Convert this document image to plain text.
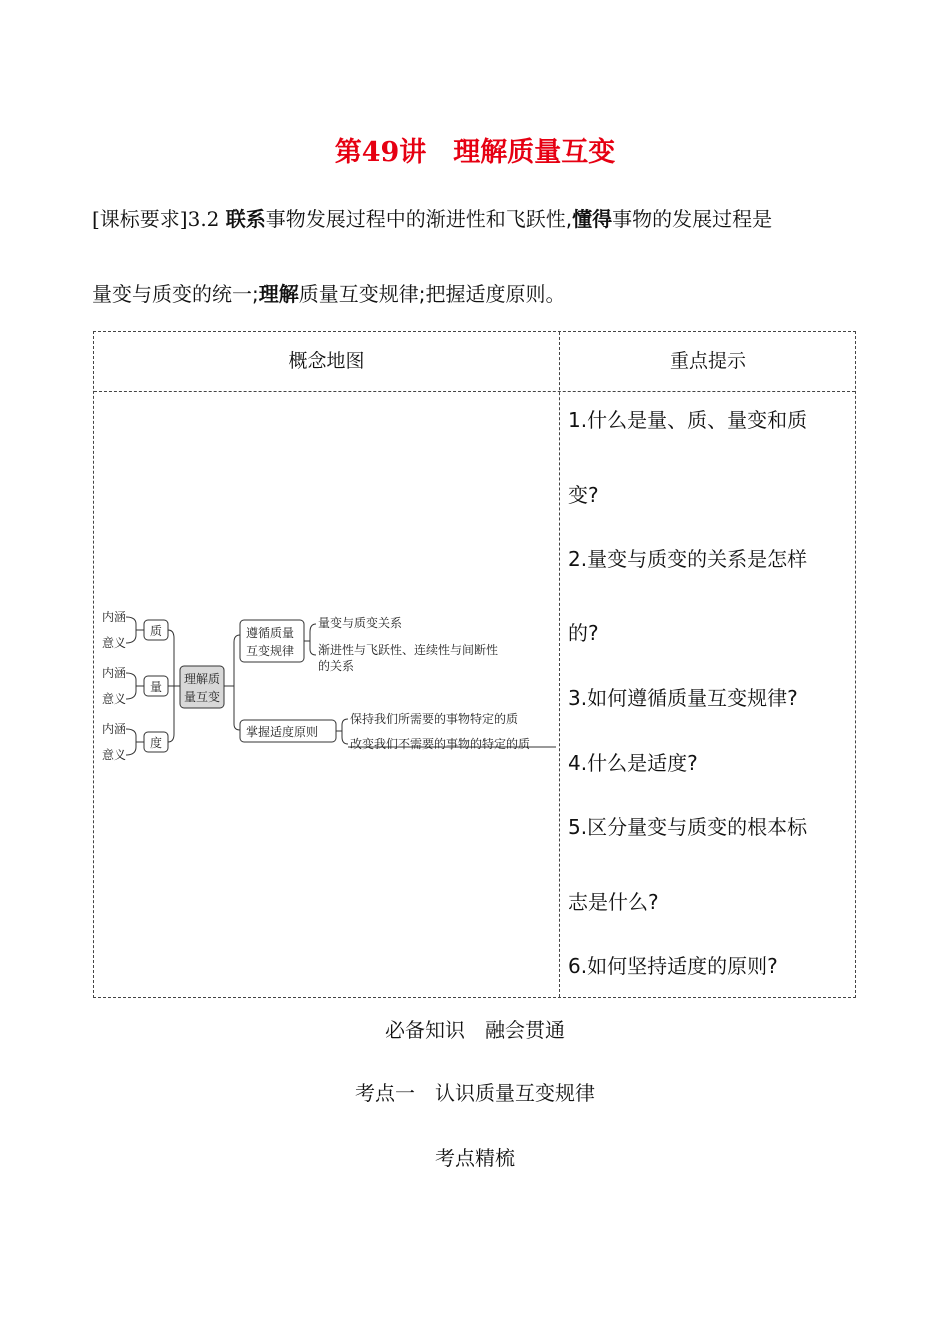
第49讲　 理解质量互变
[课标要求]3.2 联系事物发展过程中的渐进性和飞跃性,懂得事物的发展过程是
量变与质变的统一;理解质量互变规律;把握适度原则。
概念地图	重点提示
内涵
意义
内涵
意义
内涵
意义
质
量
度
理解质
量互变
遵循质量
互变规律
量变与质变关系
渐进性与飞跃性、连续性与间断性
的关系
掌握适度原则
保持我们所需要的事物特定的质
改变我们不需要的事物的特定的质
1.什么是量、质、量变和质
变?
2.量变与质变的关系是怎样
的?
3.如何遵循质量互变规律?
4.什么是适度?
5.区分量变与质变的根本标
志是什么?
6.如何坚持适度的原则?
必备知识　融会贯通
考点一　认识质量互变规律
考点精梳
